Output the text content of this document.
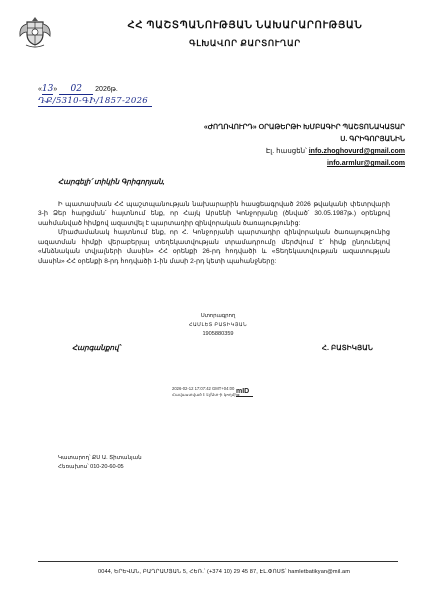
ՀՀ ՊԱՇՏՊԱՆՈՒԹՅԱՆ ՆԱԽԱՐԱՐՈՒԹՅԱՆ
ԳԼԽԱՎՈՐ ՔԱՐՏՈՒՂԱՐ
«13» 02 2026թ.
ԴՔ/5310-ԳԻ/1857-2026
«ԺՈՂՈՎՈՒՐԴ» ՕՐԱԹԵՐԹԻ ԽՄԲԱԳԻՐ ՊԱՇՏՈՆԱԿԱՏԱՐ
Ս. ԳՐԻԳՈՐՅԱՆԻՆ
Էլ. հասցեն՝ info.zhoghovurd@gmail.com
info.armlur@gmail.com
Հարգելի՛ տիկին Գրիգորյան,

Ի պատասխան ՀՀ պաշտպանության նախարարին հասցեագրված 2026 թվականի փետրվարի 3-ի Ձեր հարցման՝ հայտնում ենք, որ Հայկ Արսենի Կոնջորյանը (ծնված՝ 30.05.1987թ.) օրենքով սահմանված հիմքով ազատվել է պարտադիր զինվորական ծառայությունից:

Միաժամանակ հայտնում ենք, որ Հ. Կոնջորյանի պարտադիր զինվորական ծառայությունից ազատման հիմքի վերաբերյալ տեղեկատվության տրամադրումը մերժվում է՝ հիմք ընդունելով «Անձնական տվյալների մասին» ՀՀ օրենքի 26-րդ հոդվածի և «Տեղեկատվության ազատության մասին» ՀՀ օրենքի 8-րդ հոդվածի 1-ին մասի 2-րդ կետի պահանջները:

Ստորագրող
ՀԱՄԼԵՏ ԲԱՏԻԿՅԱՆ
1905880359
Հարգանքով՝	Հ. ԲԱՏԻԿՅԱՆ
2026-02-12 17:07:42 GMT+04:00
Հավաստված է Էլ/Ստ-ի կողմից
mID
Կատարող՝ ՔՍ Ա. Տիտանյան
Հեռախոս՝ 010-20-60-05
0044, ԵՐԵՎԱՆ, ԲԱՂՐԱՄՅԱՆ 5, ՀԵՌ.՝ (+374 10) 29 45 87, ԷԼ.ՓՈՍՏ՝ hamletbatikyan@mil.am
